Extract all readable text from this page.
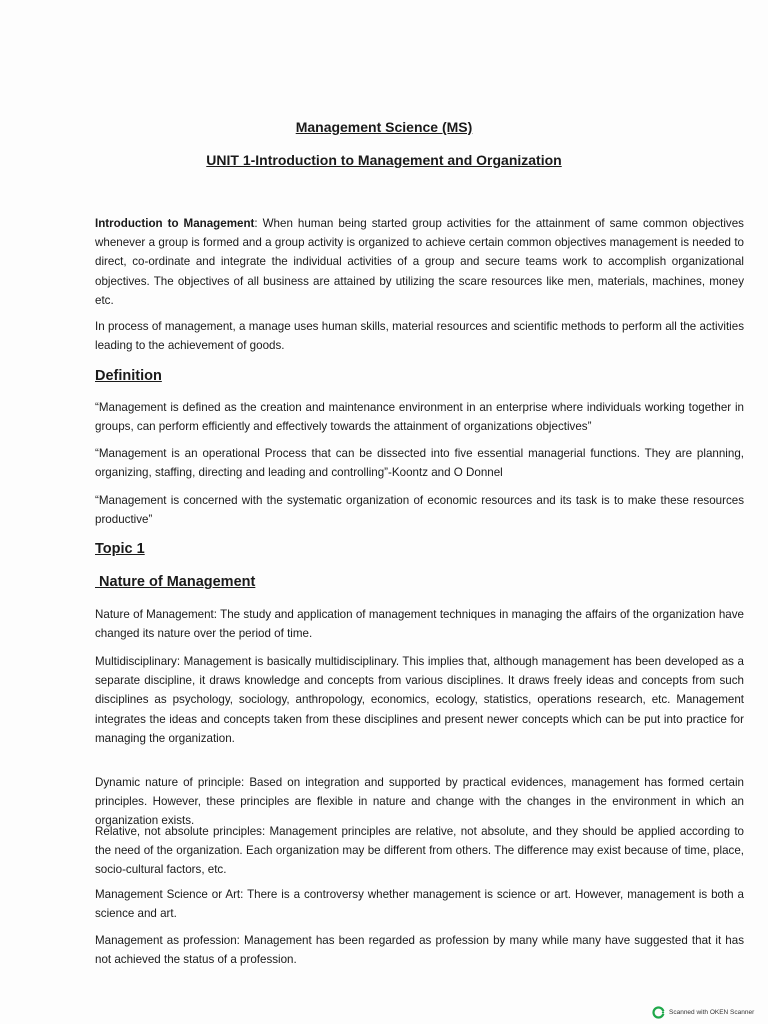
Management Science (MS)
UNIT 1-Introduction to Management and Organization

Introduction to Management: When human being started group activities for the attainment of same common objectives whenever a group is formed and a group activity is organized to achieve certain common objectives management is needed to direct, co-ordinate and integrate the individual activities of a group and secure teams work to accomplish organizational objectives. The objectives of all business are attained by utilizing the scare resources like men, materials, machines, money etc.

In process of management, a manage uses human skills, material resources and scientific methods to perform all the activities leading to the achievement of goods.

Definition

“Management is defined as the creation and maintenance environment in an enterprise where individuals working together in groups, can perform efficiently and effectively towards the attainment of organizations objectives”

“Management is an operational Process that can be dissected into five essential managerial functions. They are planning, organizing, staffing, directing and leading and controlling”-Koontz and O Donnel

“Management is concerned with the systematic organization of economic resources and its task is to make these resources productive”

Topic 1
Nature of Management

Nature of Management: The study and application of management techniques in managing the affairs of the organization have changed its nature over the period of time.

Multidisciplinary: Management is basically multidisciplinary. This implies that, although management has been developed as a separate discipline, it draws knowledge and concepts from various disciplines. It draws freely ideas and concepts from such disciplines as psychology, sociology, anthropology, economics, ecology, statistics, operations research, etc. Management integrates the ideas and concepts taken from these disciplines and present newer concepts which can be put into practice for managing the organization.

Dynamic nature of principle: Based on integration and supported by practical evidences, management has formed certain principles. However, these principles are flexible in nature and change with the changes in the environment in which an organization exists.

Relative, not absolute principles: Management principles are relative, not absolute, and they should be applied according to the need of the organization. Each organization may be different from others. The difference may exist because of time, place, socio-cultural factors, etc.

Management Science or Art: There is a controversy whether management is science or art. However, management is both a science and art.

Management as profession: Management has been regarded as profession by many while many have suggested that it has not achieved the status of a profession.

Scanned with OKEN Scanner
